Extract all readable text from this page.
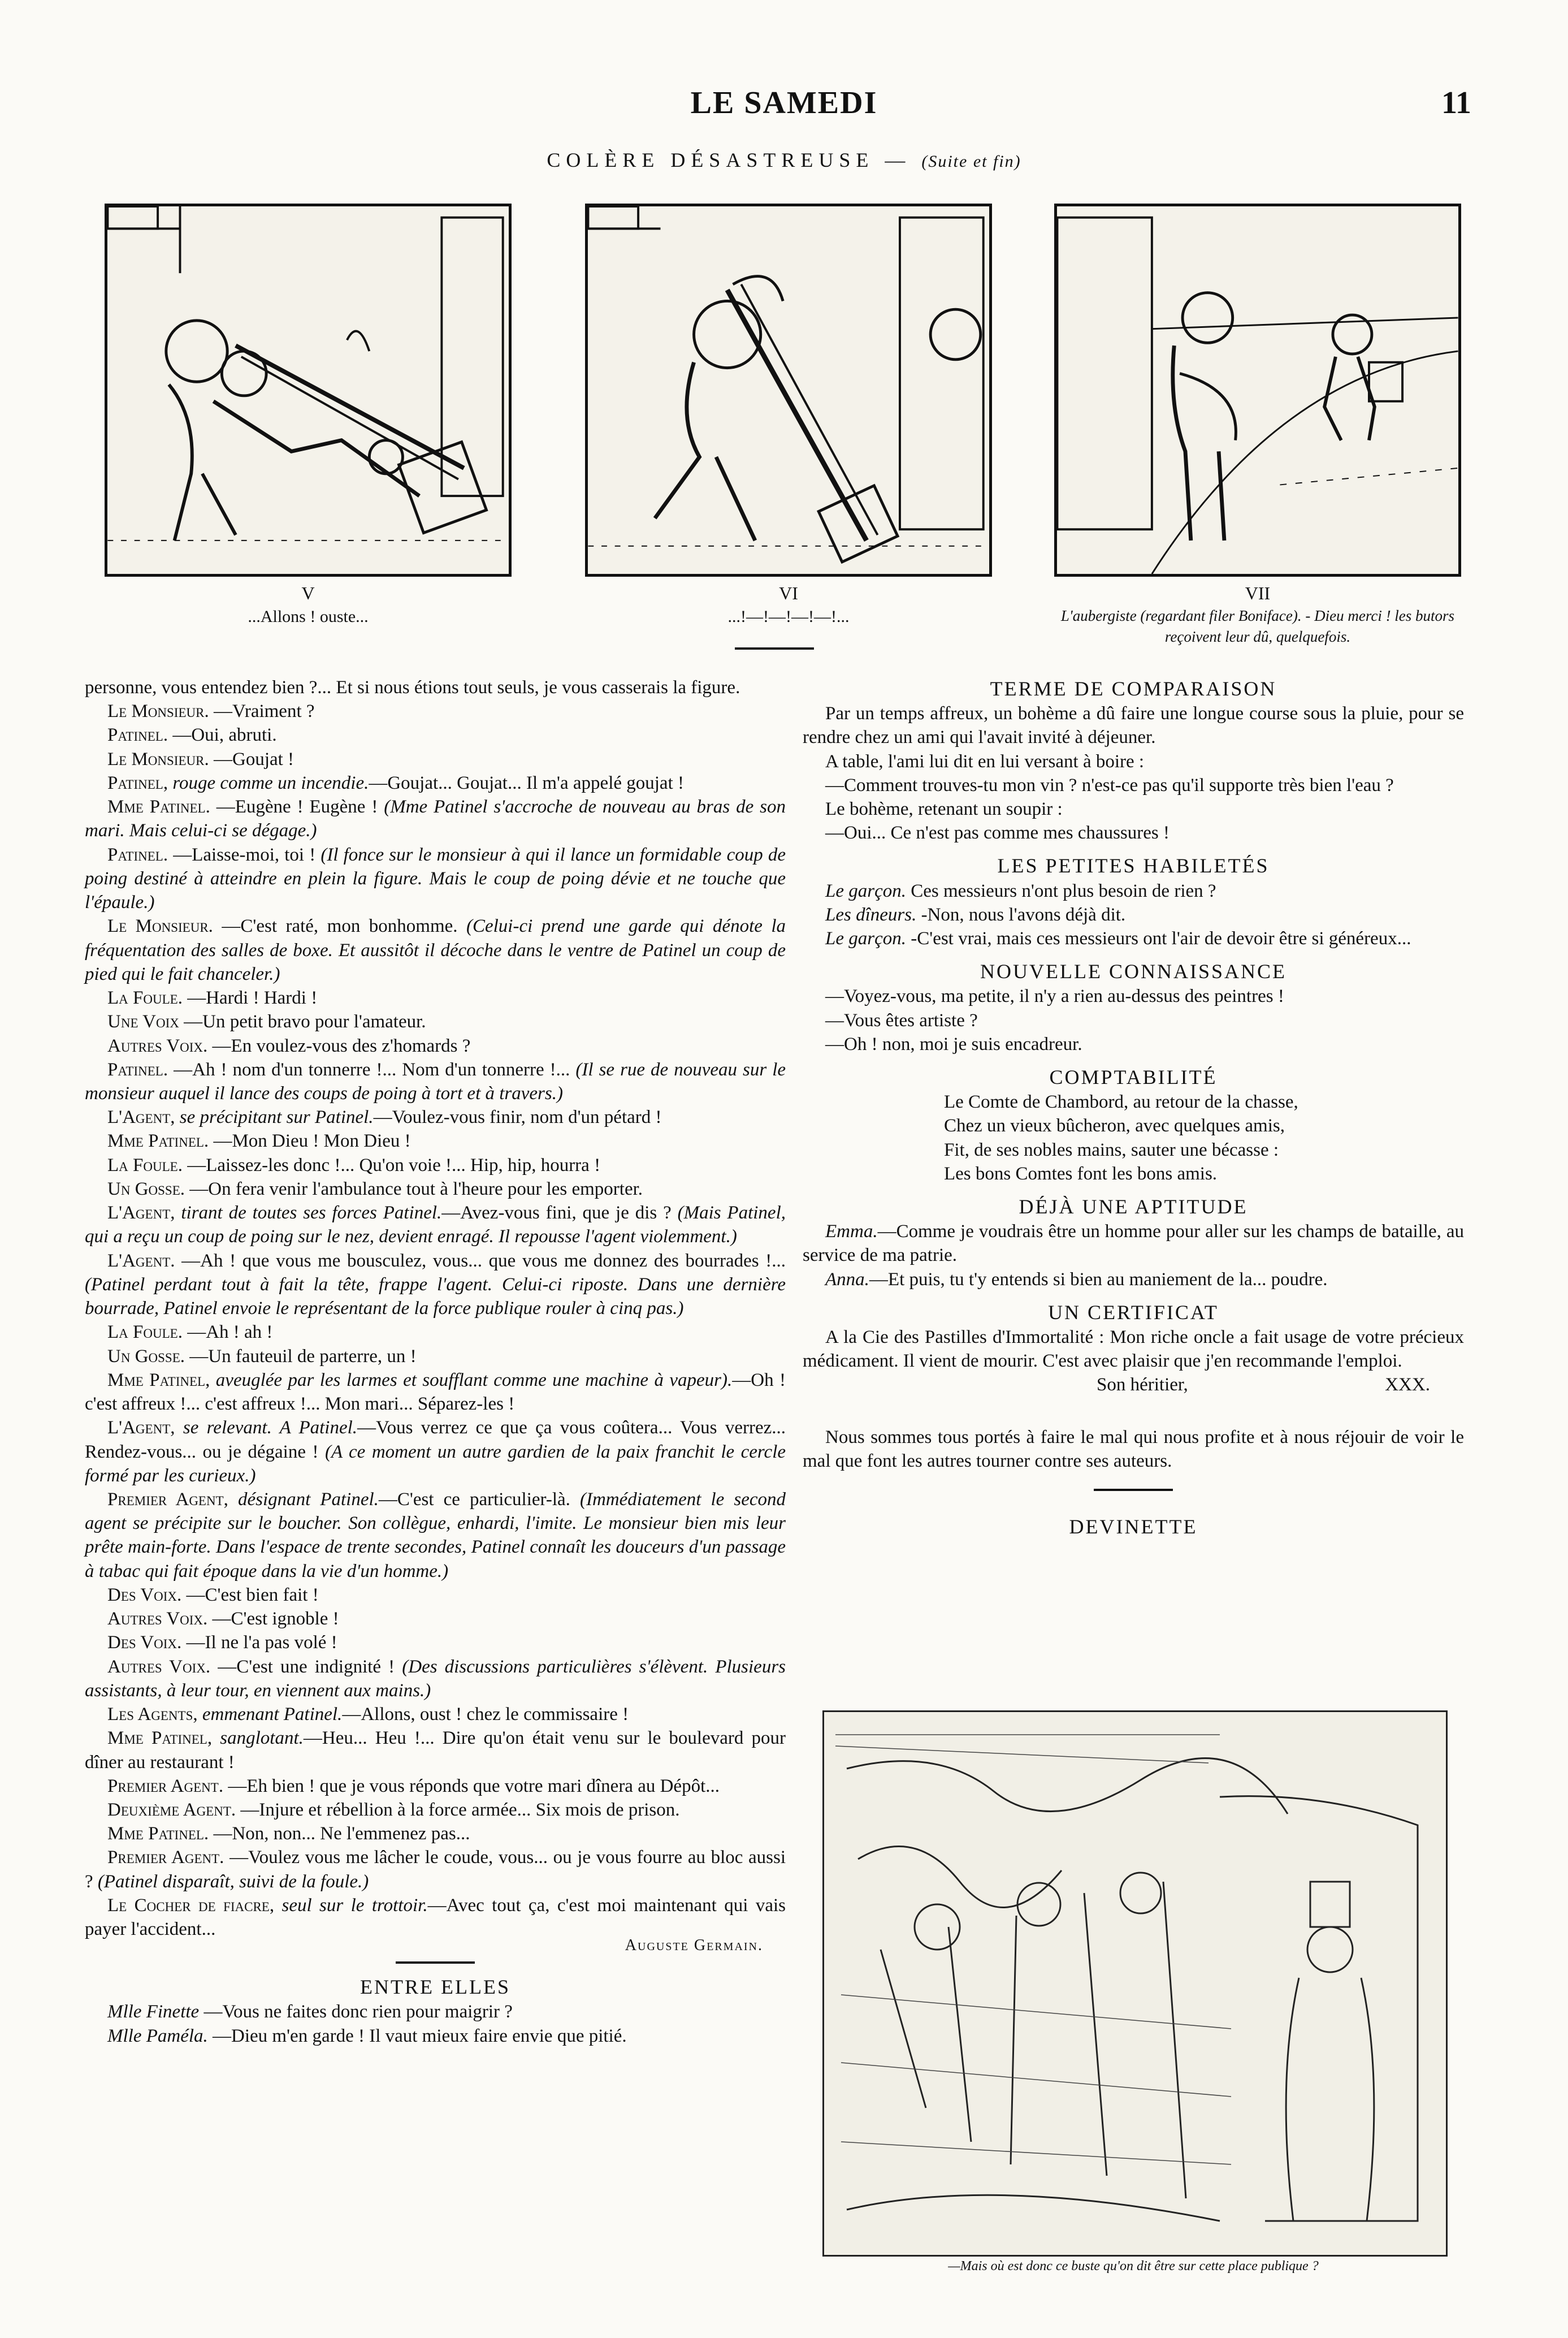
LE SAMEDI	11
COLÈRE DÉSASTREUSE — (Suite et fin)
V
...Allons ! ouste...
VI
...!—!—!—!—!...
VII
L'aubergiste (regardant filer Boniface). - Dieu merci ! les butors reçoivent leur dû, quelquefois.

personne, vous entendez bien ?... Et si nous étions tout seuls, je vous casserais la figure.

Le Monsieur. —Vraiment ?

Patinel. —Oui, abruti.

Le Monsieur. —Goujat !

Patinel, rouge comme un incendie.—Goujat... Goujat... Il m'a appelé goujat !

Mme Patinel. —Eugène ! Eugène ! (Mme Patinel s'accroche de nouveau au bras de son mari. Mais celui-ci se dégage.)

Patinel. —Laisse-moi, toi ! (Il fonce sur le monsieur à qui il lance un formidable coup de poing destiné à atteindre en plein la figure. Mais le coup de poing dévie et ne touche que l'épaule.)

Le Monsieur. —C'est raté, mon bonhomme. (Celui-ci prend une garde qui dénote la fréquentation des salles de boxe. Et aussitôt il décoche dans le ventre de Patinel un coup de pied qui le fait chanceler.)

La Foule. —Hardi ! Hardi !

Une Voix —Un petit bravo pour l'amateur.

Autres Voix. —En voulez-vous des z'homards ?

Patinel. —Ah ! nom d'un tonnerre !... Nom d'un tonnerre !... (Il se rue de nouveau sur le monsieur auquel il lance des coups de poing à tort et à travers.)

L'Agent, se précipitant sur Patinel.—Voulez-vous finir, nom d'un pétard !

Mme Patinel. —Mon Dieu ! Mon Dieu !

La Foule. —Laissez-les donc !... Qu'on voie !... Hip, hip, hourra !

Un Gosse. —On fera venir l'ambulance tout à l'heure pour les emporter.

L'Agent, tirant de toutes ses forces Patinel.—Avez-vous fini, que je dis ? (Mais Patinel, qui a reçu un coup de poing sur le nez, devient enragé. Il repousse l'agent violemment.)

L'Agent. —Ah ! que vous me bousculez, vous... que vous me donnez des bourrades !... (Patinel perdant tout à fait la tête, frappe l'agent. Celui-ci riposte. Dans une dernière bourrade, Patinel envoie le représentant de la force publique rouler à cinq pas.)

La Foule. —Ah ! ah !

Un Gosse. —Un fauteuil de parterre, un !

Mme Patinel, aveuglée par les larmes et soufflant comme une machine à vapeur).—Oh ! c'est affreux !... c'est affreux !... Mon mari... Séparez-les !

L'Agent, se relevant. A Patinel.—Vous verrez ce que ça vous coûtera... Vous verrez... Rendez-vous... ou je dégaine ! (A ce moment un autre gardien de la paix franchit le cercle formé par les curieux.)

Premier Agent, désignant Patinel.—C'est ce particulier-là. (Immédiatement le second agent se précipite sur le boucher. Son collègue, enhardi, l'imite. Le monsieur bien mis leur prête main-forte. Dans l'espace de trente secondes, Patinel connaît les douceurs d'un passage à tabac qui fait époque dans la vie d'un homme.)

Des Voix. —C'est bien fait !

Autres Voix. —C'est ignoble !

Des Voix. —Il ne l'a pas volé !

Autres Voix. —C'est une indignité ! (Des discussions particulières s'élèvent. Plusieurs assistants, à leur tour, en viennent aux mains.)

Les Agents, emmenant Patinel.—Allons, oust ! chez le commissaire !

Mme Patinel, sanglotant.—Heu... Heu !... Dire qu'on était venu sur le boulevard pour dîner au restaurant !

Premier Agent. —Eh bien ! que je vous réponds que votre mari dînera au Dépôt...

Deuxième Agent. —Injure et rébellion à la force armée... Six mois de prison.

Mme Patinel. —Non, non... Ne l'emmenez pas...

Premier Agent. —Voulez vous me lâcher le coude, vous... ou je vous fourre au bloc aussi ? (Patinel disparaît, suivi de la foule.)

Le Cocher de fiacre, seul sur le trottoir.—Avec tout ça, c'est moi maintenant qui vais payer l'accident...

Auguste Germain.

ENTRE ELLES

Mlle Finette —Vous ne faites donc rien pour maigrir ?

Mlle Paméla. —Dieu m'en garde ! Il vaut mieux faire envie que pitié.

TERME DE COMPARAISON

Par un temps affreux, un bohème a dû faire une longue course sous la pluie, pour se rendre chez un ami qui l'avait invité à déjeuner.

A table, l'ami lui dit en lui versant à boire :

—Comment trouves-tu mon vin ? n'est-ce pas qu'il supporte très bien l'eau ?

Le bohème, retenant un soupir :

—Oui... Ce n'est pas comme mes chaussures !

LES PETITES HABILETÉS

Le garçon. Ces messieurs n'ont plus besoin de rien ?

Les dîneurs. -Non, nous l'avons déjà dit.

Le garçon. -C'est vrai, mais ces messieurs ont l'air de devoir être si généreux...

NOUVELLE CONNAISSANCE

—Voyez-vous, ma petite, il n'y a rien au-dessus des peintres !

—Vous êtes artiste ?

—Oh ! non, moi je suis encadreur.

COMPTABILITÉ

Le Comte de Chambord, au retour de la chasse,

Chez un vieux bûcheron, avec quelques amis,

Fit, de ses nobles mains, sauter une bécasse :

Les bons Comtes font les bons amis.

DÉJÀ UNE APTITUDE

Emma.—Comme je voudrais être un homme pour aller sur les champs de bataille, au service de ma patrie.

Anna.—Et puis, tu t'y entends si bien au maniement de la... poudre.

UN CERTIFICAT

A la Cie des Pastilles d'Immortalité : Mon riche oncle a fait usage de votre précieux médicament. Il vient de mourir. C'est avec plaisir que j'en recommande l'emploi.

Son héritier,	XXX.

Nous sommes tous portés à faire le mal qui nous profite et à nous réjouir de voir le mal que font les autres tourner contre ses auteurs.

DEVINETTE

—Mais où est donc ce buste qu'on dit être sur cette place publique ?
